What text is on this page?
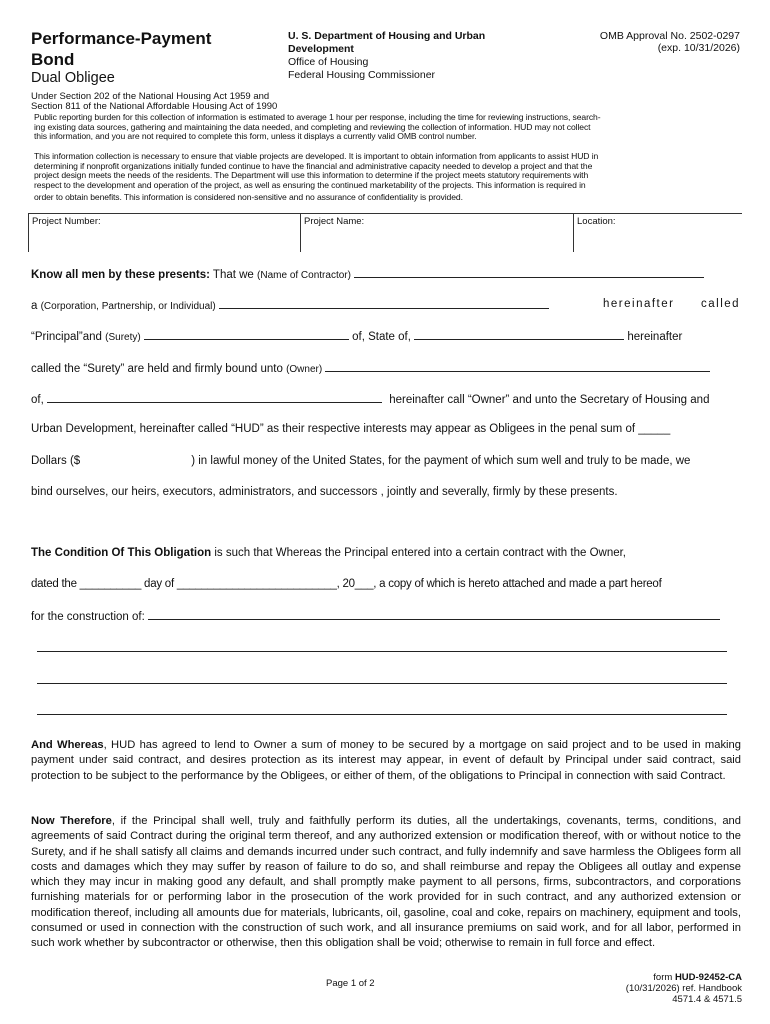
Performance-Payment
Bond
Dual Obligee
U. S. Department of Housing and Urban
Development
Office of Housing
Federal Housing Commissioner
OMB Approval No. 2502-0297
(exp. 10/31/2026)
Under Section 202 of the National Housing Act 1959 and
Section 811 of the National Affordable Housing Act of 1990
Public reporting burden for this collection of information is estimated to average 1 hour per response, including the time for reviewing instructions, search-
ing existing data sources, gathering and maintaining the data needed, and completing and reviewing the collection of information. HUD may not collect
this information, and you are not required to complete this form, unless it displays a currently valid OMB control number.
This information collection is necessary to ensure that viable projects are developed. It is important to obtain information from applicants to assist HUD in
determining if nonprofit organizations initially funded continue to have the financial and administrative capacity needed to develop a project and that the
project design meets the needs of the residents. The Department will use this information to determine if the project meets statutory requirements with
respect to the development and operation of the project, as well as ensuring the continued marketability of the projects. This information is required in
order to obtain benefits. This information is considered non-sensitive and no assurance of confidentiality is provided.
Project Number:	Project Name:	Location:
Know all men by these presents: That we (Name of Contractor)
a (Corporation, Partnership, or Individual)	hereinafter called
“Principal”and (Surety)	of, State of,	hereinafter
called the “Surety” are held and firmly bound unto (Owner)
of,	hereinafter call “Owner” and unto the Secretary of Housing and
Urban Development, hereinafter called “HUD” as their respective interests may appear as Obligees in the penal sum of _____
Dollars ($	) in lawful money of the United States, for the payment of which sum well and truly to be made, we
bind ourselves, our heirs, executors, administrators, and successors , jointly and severally, firmly by these presents.
The Condition Of This Obligation is such that Whereas the Principal entered into a certain contract with the Owner,
dated the __________ day of __________________________, 20___, a copy of which is hereto attached and made a part hereof
for the construction of:
And Whereas, HUD has agreed to lend to Owner a sum of money to be secured by a mortgage on said project and to be used in making payment under said contract, and desires protection as its interest may appear, in event of default by Principal under said contract, said protection to be subject to the performance by the Obligees, or either of them, of the obligations to Principal in connection with said Contract.
Now Therefore, if the Principal shall well, truly and faithfully perform its duties, all the undertakings, covenants, terms, conditions, and agreements of said Contract during the original term thereof, and any authorized extension or modification thereof, with or without notice to the Surety, and if he shall satisfy all claims and demands incurred under such contract, and fully indemnify and save harmless the Obligees form all costs and damages which they may suffer by reason of failure to do so, and shall reimburse and repay the Obligees all outlay and expense which they may incur in making good any default, and shall promptly make payment to all persons, firms, subcontractors, and corporations furnishing materials for or performing labor in the prosecution of the work provided for in such contract, and any authorized extension or modification thereof, including all amounts due for materials, lubricants, oil, gasoline, coal and coke, repairs on machinery, equipment and tools, consumed or used in connection with the construction of such work, and all insurance premiums on said work, and for all labor, performed in such work whether by subcontractor or otherwise, then this obligation shall be void; otherwise to remain in full force and effect.
Page 1 of 2
form HUD-92452-CA
(10/31/2026) ref. Handbook
4571.4 & 4571.5
